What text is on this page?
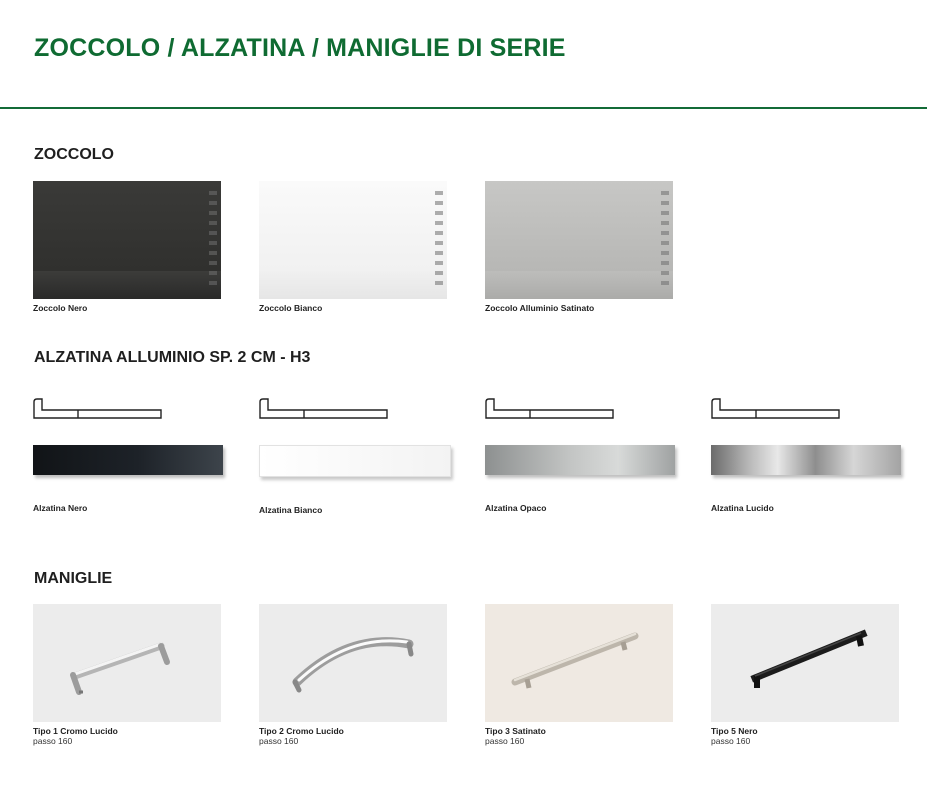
ZOCCOLO / ALZATINA / MANIGLIE DI SERIE
ZOCCOLO
Zoccolo Nero	Zoccolo Bianco	Zoccolo Alluminio Satinato
ALZATINA ALLUMINIO SP. 2 CM - H3
Alzatina Nero	Alzatina Bianco	Alzatina Opaco	Alzatina Lucido
MANIGLIE
Tipo 1 Cromo Lucido
passo 160
Tipo 2 Cromo Lucido
passo 160
Tipo 3 Satinato
passo 160
Tipo 5 Nero
passo 160
